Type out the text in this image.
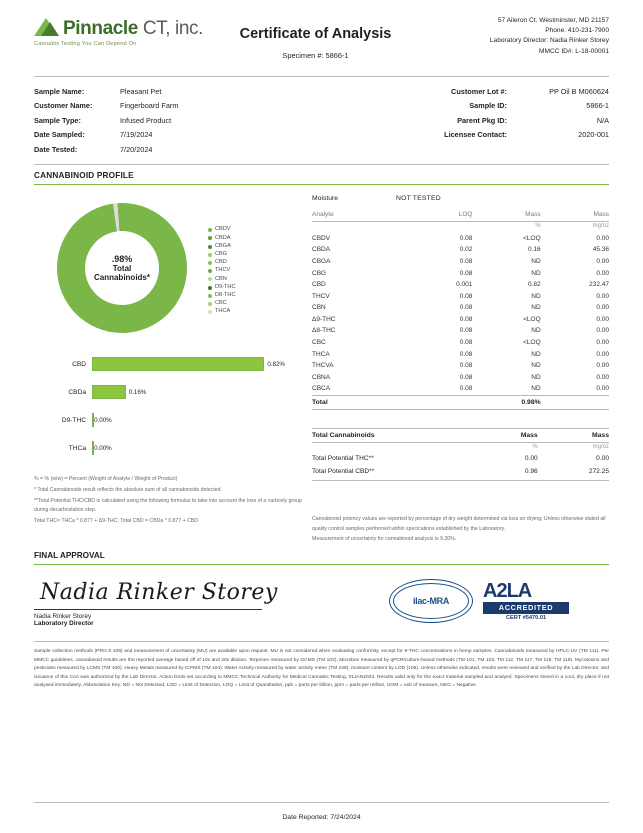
Pinnacle CT, inc.
Cannabis Testing You Can Depend On
Certificate of Analysis
Specimen #: 5866-1
57 Aileron Ct. Westminster, MD 21157
Phone: 410-231-7900
Laboratory Director: Nadia Rinker Storey
MMCC ID#: L-18-00001
Sample Name:	Pleasant Pet
Customer Name:	Fingerboard Farm
Sample Type:	Infused Product
Date Sampled:	7/19/2024
Date Tested:	7/20/2024
Customer Lot #:	PP Oil B M060624
Sample ID:	5866-1
Parent Pkg ID:	N/A
Licensee Contact:	2020-001
CANNABINOID PROFILE
.98%
Total
Cannabinoids*
CBDV
CBDA
CBGA
CBG
CBD
THCV
CBN
D9-THC
D8-THC
CBC
THCA
CBD	0.82%
CBDa	0.16%
D9-THC	0.00%
THCa	0.00%
% = % (w/w) = Percent (Weight of Analyte / Weight of Product)
* Total Cannabinoids result reflects the absolute sum of all cannabinoids detected.
**Total Potential THC/CBD is calculated using the following formulas to take into account the loss of a carboxly group during decarboxlation step.
Total THC= THCa * 0.877 + Δ9-THC; Total CBD = CBDa * 0.877 + CBD
Moisture	NOT TESTED
Analyte	LOQ	Mass	Mass
		%	mg/oz
CBDV	0.08	<LOQ	0.00
CBDA	0.02	0.16	45.36
CBGA	0.08	ND	0.00
CBG	0.08	ND	0.00
CBD	0.001	0.82	232.47
THCV	0.08	ND	0.00
CBN	0.08	ND	0.00
Δ9-THC	0.08	<LOQ	0.00
Δ8-THC	0.08	ND	0.00
CBC	0.08	<LOQ	0.00
THCA	0.08	ND	0.00
THCVA	0.08	ND	0.00
CBNA	0.08	ND	0.00
CBCA	0.08	ND	0.00
Total		0.98%	
Total Cannabinoids	Mass	Mass
	%	mg/oz
Total Potential THC**	0.00	0.00
Total Potential CBD**	0.96	272.25
Cannabinoid potency values are reported by percentage of dry weight determined via loss on drying; Unless otherwise stated all quality control samples performed within specications established by the Laboratory.
Measurement of uncertainty for cannabinoid analysis is 9.20%.
FINAL APPROVAL
Nadia Rinker Storey
Nadia Rinker Storey
Laboratory Director
ilac-MRA A2LA
ACCREDITED
CERT #5470.01
Sample collection methods (PRO.S.106) and measurement of uncertainty (MU) are available upon request. MU is not considered when evaluating conformity, except for 9-THC concentrations in hemp samples. Cannabinoids measured by HPLC-UV (TM 111). Per MMCC guidelines, cannabinoid results are the reported average based off of 10x and 20x dilution. Terpenes measured by GCMS (TM 102), Microbes measured by qPCR/culture-based methods (TM 101, TM 103, TM 112, TM 117, TM 118, TM 119). Mycotoxins and pesticides measured by LCMS (TM 100). Heavy Metals measured by ICPMS (TM 104). Water Activity measured by water activity meter (TM 108); moisture content by LOD (105). Unless otherwise indicated, results were reviewed and verified by the Lab Director, and issuance of this CoA was authorized by the Lab Director. Action limits set according to MMCC Technical Authority for Medical Cannabis Testing, 01JAN2023. Results valid only for the exact material sampled and analyed. Specimens stored in a cool, dry place if not analysed immediately. Abbreviation Key: ND = Not Detected, LOD = Limit of Detection, LOQ = Limit of Quantitation, ppb = parts per billion, ppm = parts per million, UOM = unit of measure, NEG = Negative.
Date Reported: 7/24/2024
